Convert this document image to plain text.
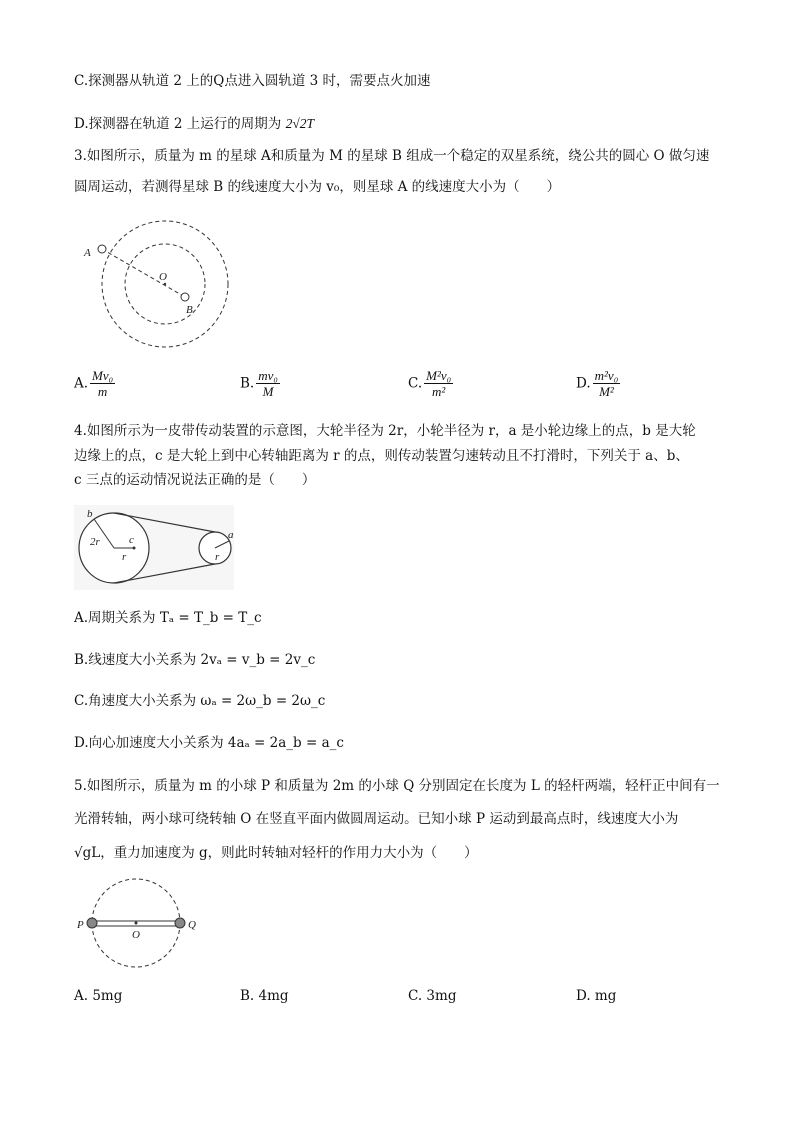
C.探测器从轨道 2 上的Q点进入圆轨道 3 时，需要点火加速
D.探测器在轨道 2 上运行的周期为 2√2T
3.如图所示，质量为 m 的星球 A和质量为 M 的星球 B 组成一个稳定的双星系统，绕公共的圆心 O 做匀速
圆周运动，若测得星球 B 的线速度大小为 v₀，则星球 A 的线速度大小为（　　）
A
O
B
A. $\frac{\text{Mv₀}}{m}$	B. $\frac{\text{mv₀}}{M}$	C. $\frac{\text{M²v₀}}{\text{m²}}$	D. $\frac{\text{m²v₀}}{\text{M²}}$
4.如图所示为一皮带传动装置的示意图，大轮半径为 2r，小轮半径为 r，a 是小轮边缘上的点，b 是大轮
边缘上的点，c 是大轮上到中心转轴距离为 r 的点，则传动装置匀速转动且不打滑时，下列关于 a、b、
c 三点的运动情况说法正确的是（　　）
b
2r	c
r
a
r
A.周期关系为 Tₐ = T_b = T_c
B.线速度大小关系为 2vₐ = v_b = 2v_c
C.角速度大小关系为 ωₐ = 2ω_b = 2ω_c
D.向心加速度大小关系为 4aₐ = 2a_b = a_c
5.如图所示，质量为 m 的小球 P 和质量为 2m 的小球 Q 分别固定在长度为 L 的轻杆两端，轻杆正中间有一
光滑转轴，两小球可绕转轴 O 在竖直平面内做圆周运动。已知小球 P 运动到最高点时，线速度大小为
√gL，重力加速度为 g，则此时转轴对轻杆的作用力大小为（　　）
P
O
Q
A. 5mg	B. 4mg	C. 3mg	D. mg
